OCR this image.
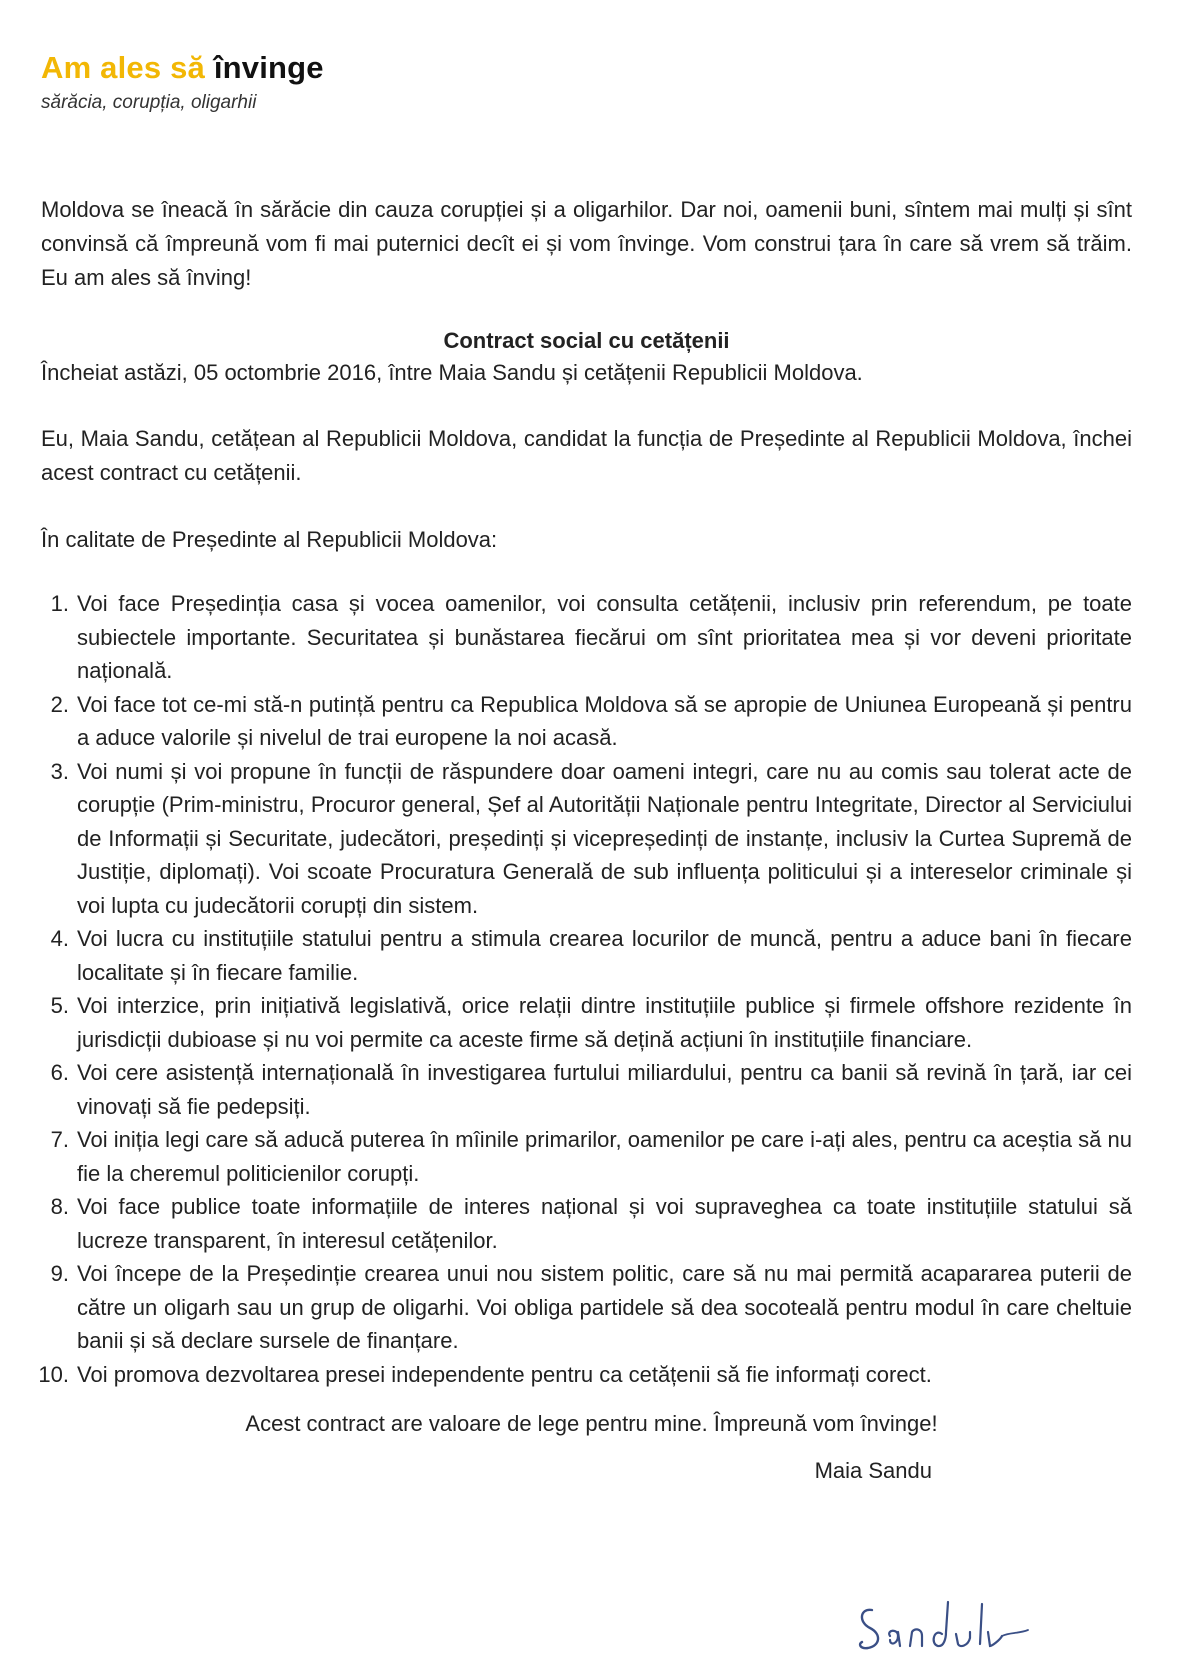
Am ales să învinge
sărăcia, corupția, oligarhii
Moldova se îneacă în sărăcie din cauza corupției și a oligarhilor. Dar noi, oamenii buni, sîntem mai mulți și sînt convinsă că împreună vom fi mai puternici decît ei și vom învinge. Vom construi țara în care să vrem să trăim. Eu am ales să înving!
Contract social cu cetățenii
Încheiat astăzi, 05 octombrie 2016, între Maia Sandu și cetățenii Republicii Moldova.
Eu, Maia Sandu, cetățean al Republicii Moldova, candidat la funcția de Președinte al Republicii Moldova, închei acest contract cu cetățenii.
În calitate de Președinte al Republicii Moldova:
1. Voi face Președinția casa și vocea oamenilor, voi consulta cetățenii, inclusiv prin referendum, pe toate subiectele importante. Securitatea și bunăstarea fiecărui om sînt prioritatea mea și vor deveni prioritate națională.
2. Voi face tot ce-mi stă-n putință pentru ca Republica Moldova să se apropie de Uniunea Europeană și pentru a aduce valorile și nivelul de trai europene la noi acasă.
3. Voi numi și voi propune în funcții de răspundere doar oameni integri, care nu au comis sau tolerat acte de corupție (Prim-ministru, Procuror general, Șef al Autorității Naționale pentru Integritate, Director al Serviciului de Informații și Securitate, judecători, președinți și vicepreședinți de instanțe, inclusiv la Curtea Supremă de Justiție, diplomați). Voi scoate Procuratura Generală de sub influența politicului și a intereselor criminale și voi lupta cu judecătorii corupți din sistem.
4. Voi lucra cu instituțiile statului pentru a stimula crearea locurilor de muncă, pentru a aduce bani în fiecare localitate și în fiecare familie.
5. Voi interzice, prin inițiativă legislativă, orice relații dintre instituțiile publice și firmele offshore rezidente în jurisdicții dubioase și nu voi permite ca aceste firme să dețină acțiuni în instituțiile financiare.
6. Voi cere asistență internațională în investigarea furtului miliardului, pentru ca banii să revină în țară, iar cei vinovați să fie pedepsiți.
7. Voi iniția legi care să aducă puterea în mîinile primarilor, oamenilor pe care i-ați ales, pentru ca aceștia să nu fie la cheremul politicienilor corupți.
8. Voi face publice toate informațiile de interes național și voi supraveghea ca toate instituțiile statului să lucreze transparent, în interesul cetățenilor.
9. Voi începe de la Președinție crearea unui nou sistem politic, care să nu mai permită acapararea puterii de către un oligarh sau un grup de oligarhi. Voi obliga partidele să dea socoteală pentru modul în care cheltuie banii și să declare sursele de finanțare.
10. Voi promova dezvoltarea presei independente pentru ca cetățenii să fie informați corect.
Acest contract are valoare de lege pentru mine. Împreună vom învinge!
Maia Sandu
